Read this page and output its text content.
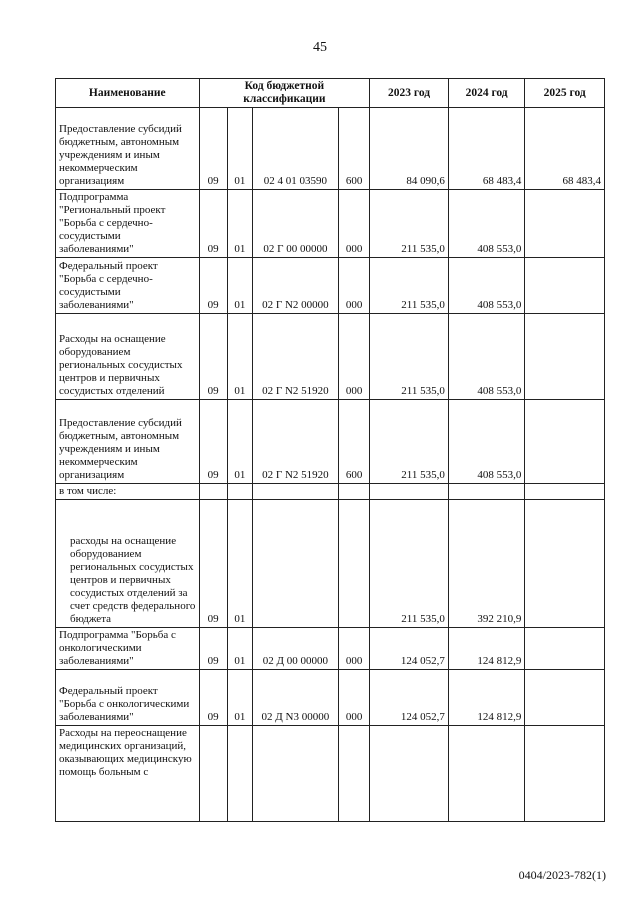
45
Наименование	Код бюджетной классификации				2023 год	2024 год	2025 год
Предоставление субсидий бюджетным, автономным учреждениям и иным некоммерческим организациям	09	01	02 4 01 03590	600	84 090,6	68 483,4	68 483,4
Подпрограмма "Региональный проект "Борьба с сердечно-сосудистыми заболеваниями"	09	01	02 Г 00 00000	000	211 535,0	408 553,0	
Федеральный проект "Борьба с сердечно-сосудистыми заболеваниями"	09	01	02 Г N2 00000	000	211 535,0	408 553,0	
Расходы на оснащение оборудованием региональных сосудистых центров и первичных сосудистых отделений	09	01	02 Г N2 51920	000	211 535,0	408 553,0	
Предоставление субсидий бюджетным, автономным учреждениям и иным некоммерческим организациям	09	01	02 Г N2 51920	600	211 535,0	408 553,0	
в том числе:							
расходы на оснащение оборудованием региональных сосудистых центров и первичных сосудистых отделений за счет средств федерального бюджета	09	01			211 535,0	392 210,9	
Подпрограмма "Борьба с онкологическими заболеваниями"	09	01	02 Д 00 00000	000	124 052,7	124 812,9	
Федеральный проект "Борьба с онкологическими заболеваниями"	09	01	02 Д N3 00000	000	124 052,7	124 812,9	
Расходы на переоснащение медицинских организаций, оказывающих медицинскую помощь больным с							
0404/2023-782(1)
